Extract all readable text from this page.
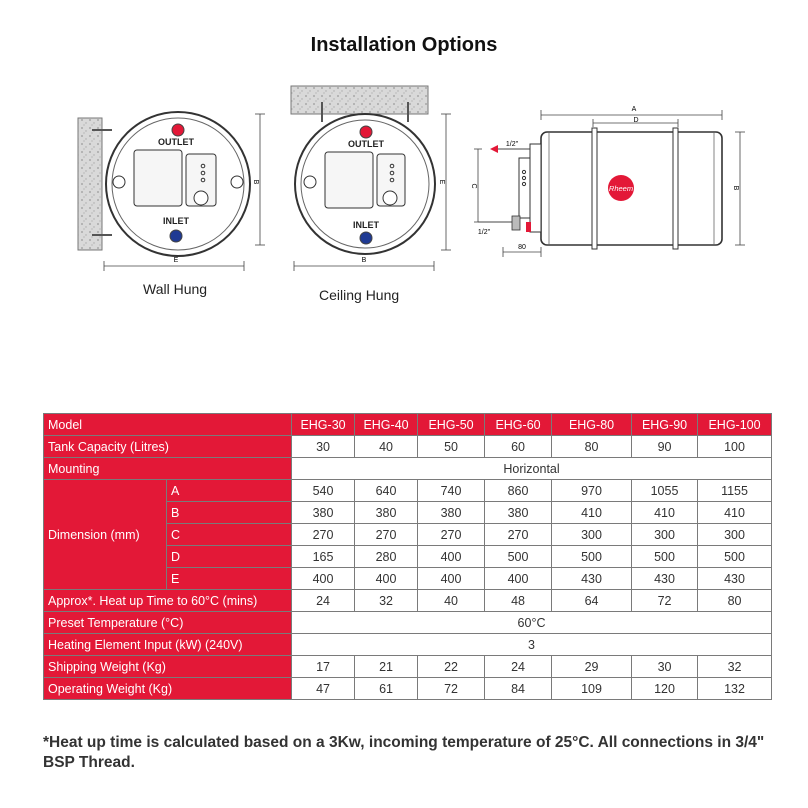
Installation Options
OUTLET
INLET
E
B
OUTLET
INLET
B
E
A
D
Rheem
1/2"
1/2"
C
80
B
Wall Hung	Ceiling Hung
Model		EHG-30	EHG-40	EHG-50	EHG-60	EHG-80	EHG-90	EHG-100
Tank Capacity (Litres)		30	40	50	60	80	90	100
Mounting		Horizontal						
Dimension (mm)	A	540	640	740	860	970	1055	1155
	B	380	380	380	380	410	410	410
	C	270	270	270	270	300	300	300
	D	165	280	400	500	500	500	500
	E	400	400	400	400	430	430	430
Approx*. Heat up Time to 60°C (mins)		24	32	40	48	64	72	80
Preset Temperature (°C)		60°C						
Heating Element Input (kW) (240V)		3						
Shipping Weight (Kg)		17	21	22	24	29	30	32
Operating Weight (Kg)		47	61	72	84	109	120	132
*Heat up time is calculated based on a 3Kw, incoming temperature of 25°C. All connections in 3/4" BSP Thread.
